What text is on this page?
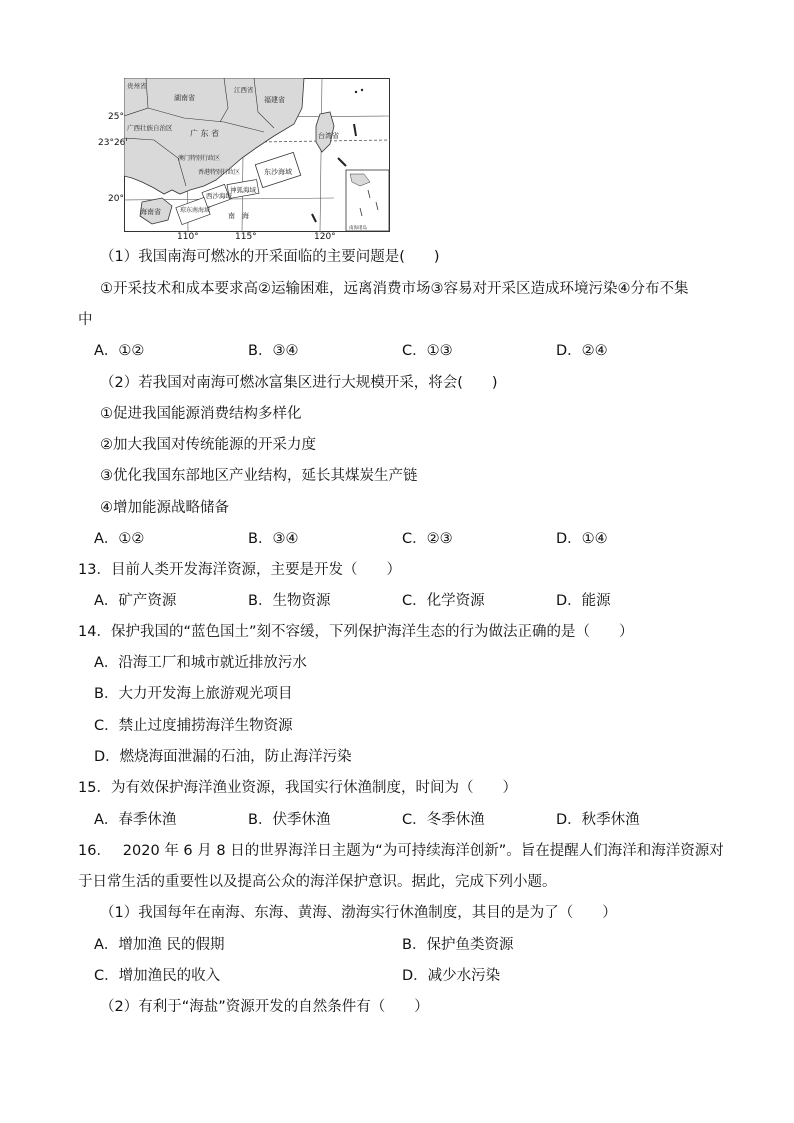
贵州省
湖南省
江西省
福建省
广西壮族自治区
广 东 省	台湾省
澳门特别行政区
香港特别行政区	东沙海域
神狐海域
西沙海域
琼东南海域
海南省	南　海
南海诸岛
25°
23°26'
20°
110°	115°	120°
（1）我国南海可燃冰的开采面临的主要问题是(　　)
①开采技术和成本要求高②运输困难，远离消费市场③容易对开采区造成环境污染④分布不集
中
A．①②	B．③④	C．①③	D．②④
（2）若我国对南海可燃冰富集区进行大规模开采，将会(　　)
①促进我国能源消费结构多样化
②加大我国对传统能源的开采力度
③优化我国东部地区产业结构，延长其煤炭生产链
④增加能源战略储备
A．①②	B．③④	C．②③	D．①④
13．目前人类开发海洋资源，主要是开发（　　）
A．矿产资源	B．生物资源	C．化学资源	D．能源
14．保护我国的“蓝色国土”刻不容缓，下列保护海洋生态的行为做法正确的是（　　）
A．沿海工厂和城市就近排放污水
B．大力开发海上旅游观光项目
C．禁止过度捕捞海洋生物资源
D．燃烧海面泄漏的石油，防止海洋污染
15．为有效保护海洋渔业资源，我国实行休渔制度，时间为（　　）
A．春季休渔	B．伏季休渔	C．冬季休渔	D．秋季休渔
16．　 2020 年 6 月 8 日的世界海洋日主题为“为可持续海洋创新”。旨在提醒人们海洋和海洋资源对
于日常生活的重要性以及提高公众的海洋保护意识。据此，完成下列小题。
（1）我国每年在南海、东海、黄海、渤海实行休渔制度，其目的是为了（　　）
A．增加渔 民的假期	B．保护鱼类资源
C．增加渔民的收入	D．减少水污染
（2）有利于“海盐”资源开发的自然条件有（　　）
